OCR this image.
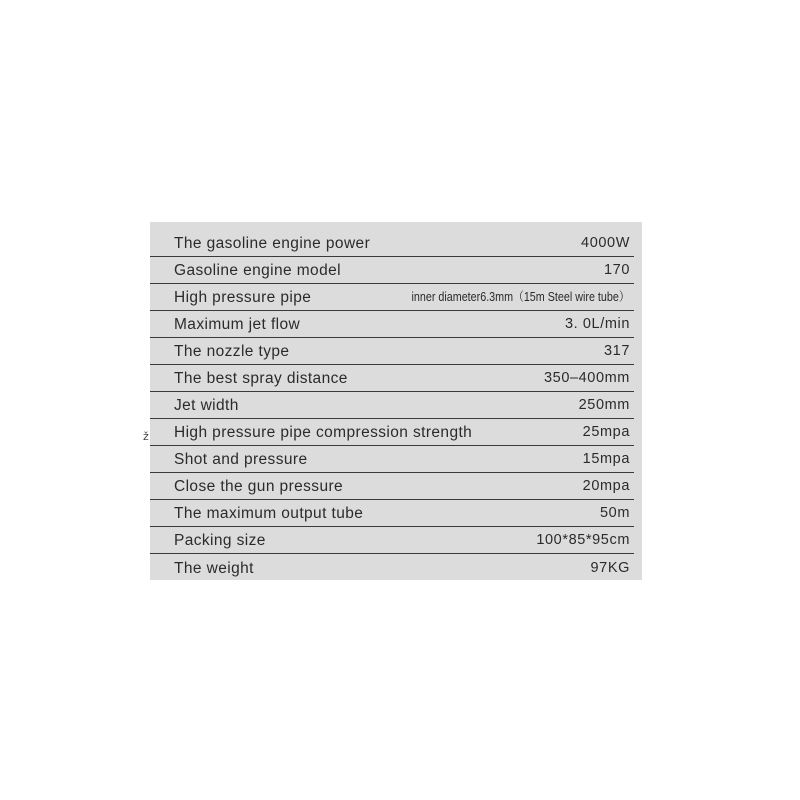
The gasoline engine power	4000W
Gasoline engine model	170
High pressure pipe	inner diameter6.3mm（15m Steel wire tube）
Maximum jet flow	3. 0L/min
The nozzle type	317
The best spray distance	350–400mm
Jet width	250mm
ž High pressure pipe compression strength	25mpa
Shot and pressure	15mpa
Close the gun pressure	20mpa
The maximum output tube	50m
Packing size	100*85*95cm
The weight	97KG
